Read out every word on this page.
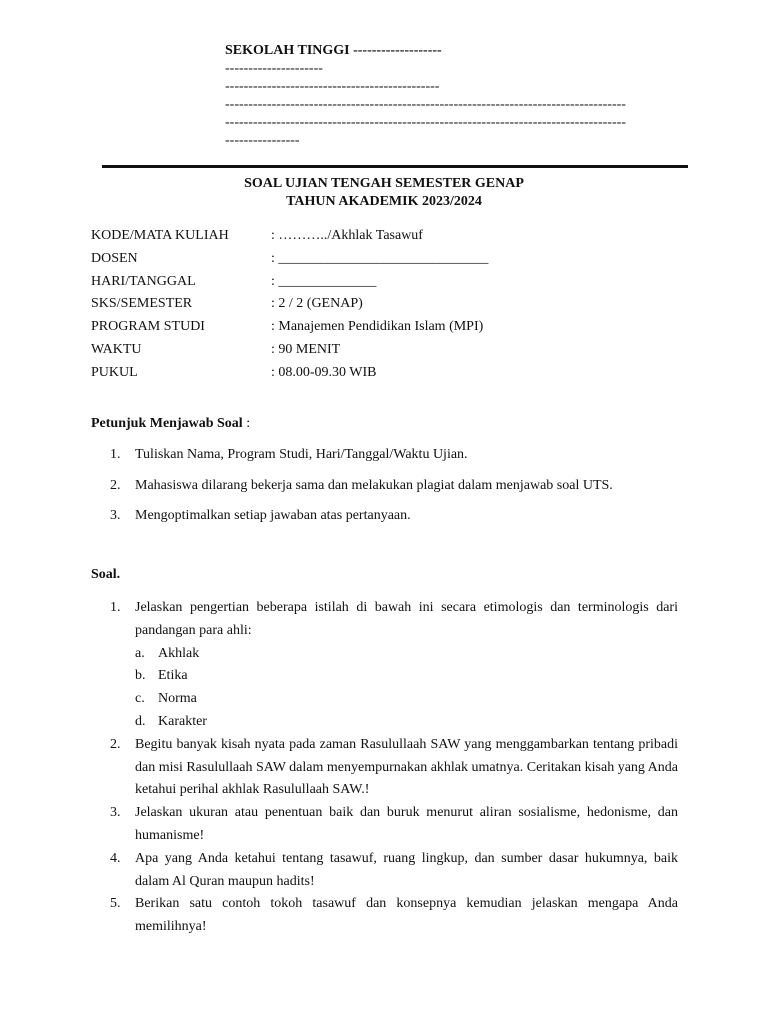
SEKOLAH TINGGI -------------------
---------------------
----------------------------------------------
--------------------------------------------------------------------------------------
--------------------------------------------------------------------------------------
----------------
SOAL UJIAN TENGAH SEMESTER GENAP
TAHUN AKADEMIK 2023/2024
KODE/MATA KULIAH	: ………../Akhlak Tasawuf
DOSEN	: ______________________________
HARI/TANGGAL	: ______________
SKS/SEMESTER	: 2 / 2 (GENAP)
PROGRAM STUDI	: Manajemen Pendidikan Islam (MPI)
WAKTU	: 90 MENIT
PUKUL	: 08.00-09.30 WIB
Petunjuk Menjawab Soal :
1.	Tuliskan Nama, Program Studi, Hari/Tanggal/Waktu Ujian.
2.	Mahasiswa dilarang bekerja sama dan melakukan plagiat dalam menjawab soal UTS.
3.	Mengoptimalkan setiap jawaban atas pertanyaan.
Soal.
1.	Jelaskan pengertian beberapa istilah di bawah ini secara etimologis dan terminologis dari pandangan para ahli:
a. Akhlak
b. Etika
c. Norma
d. Karakter
2.	Begitu banyak kisah nyata pada zaman Rasulullaah SAW yang menggambarkan tentang pribadi dan misi Rasulullaah SAW dalam menyempurnakan akhlak umatnya. Ceritakan kisah yang Anda ketahui perihal akhlak Rasulullaah SAW.!
3.	Jelaskan ukuran atau penentuan baik dan buruk menurut aliran sosialisme, hedonisme, dan humanisme!
4.	Apa yang Anda ketahui tentang tasawuf, ruang lingkup, dan sumber dasar hukumnya, baik dalam Al Quran maupun hadits!
5.	Berikan satu contoh tokoh tasawuf dan konsepnya kemudian jelaskan mengapa Anda memilihnya!
